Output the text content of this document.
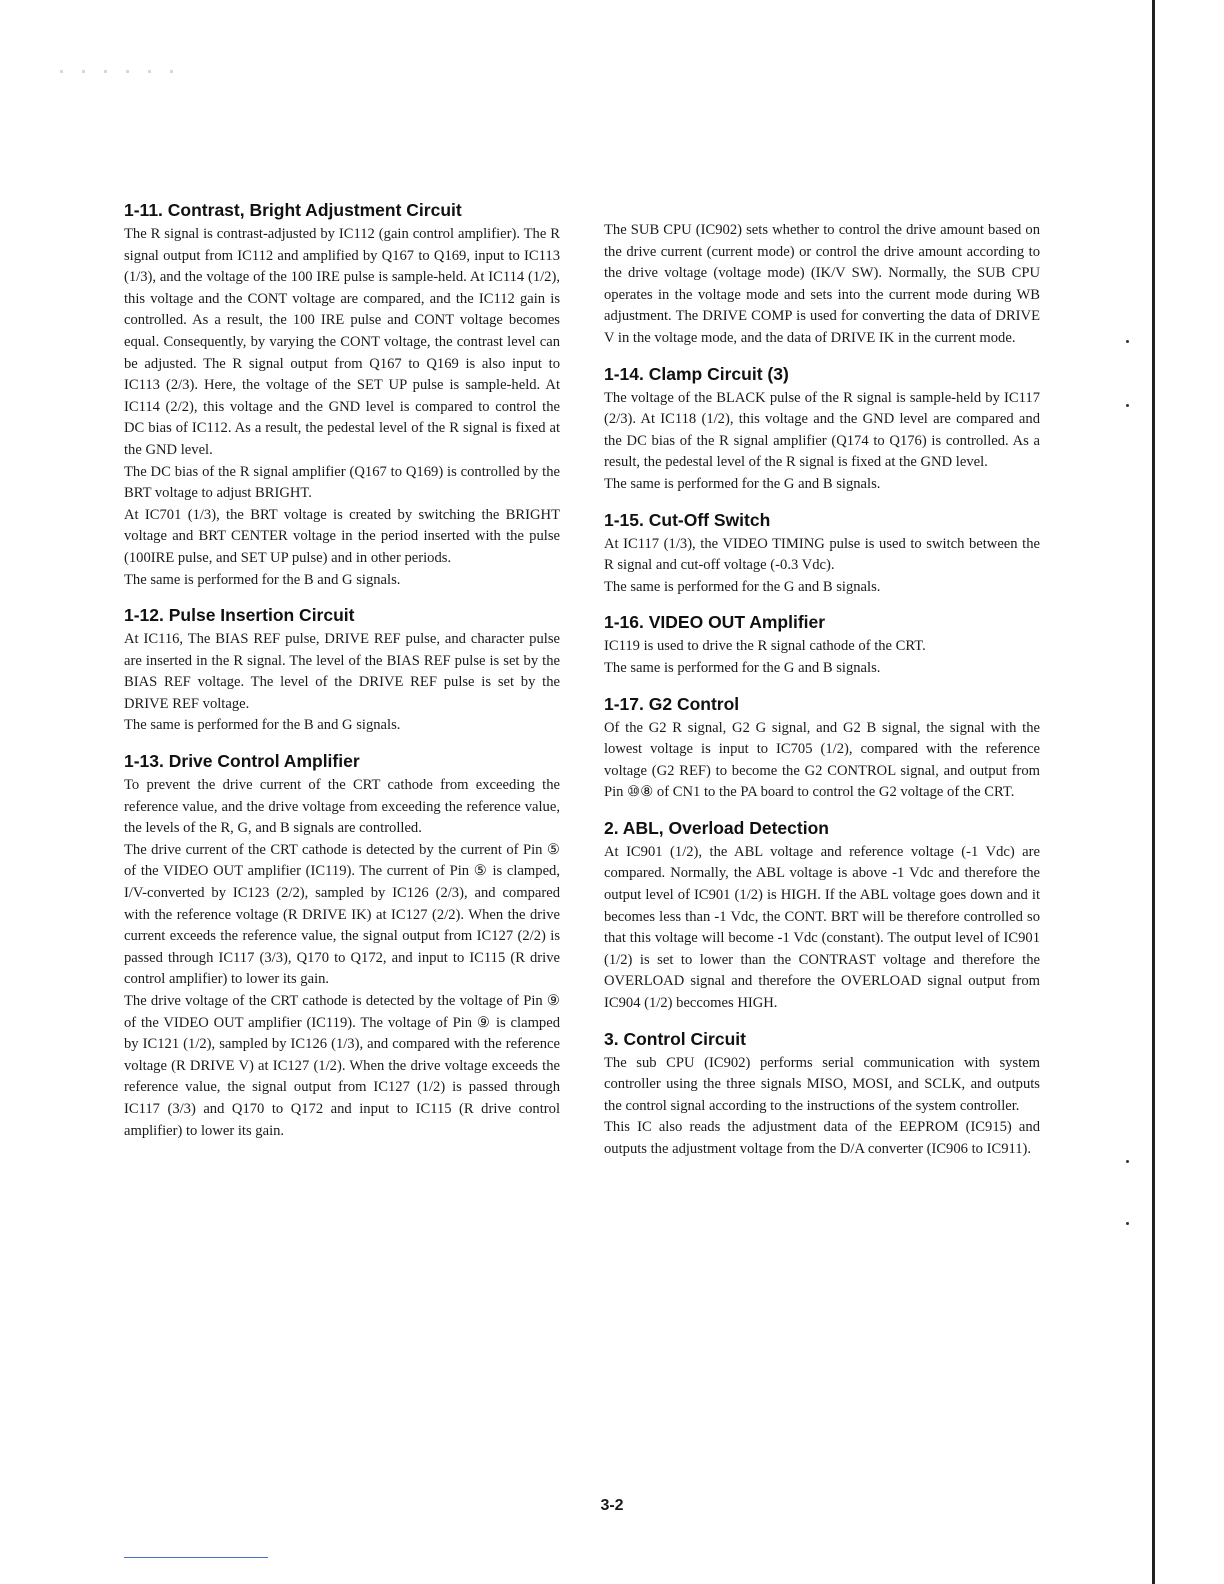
1-11. Contrast, Bright Adjustment Circuit

The R signal is contrast-adjusted by IC112 (gain control amplifier). The R signal output from IC112 and amplified by Q167 to Q169, input to IC113 (1/3), and the voltage of the 100 IRE pulse is sample-held. At IC114 (1/2), this voltage and the CONT voltage are compared, and the IC112 gain is controlled. As a result, the 100 IRE pulse and CONT voltage becomes equal. Consequently, by varying the CONT voltage, the contrast level can be adjusted. The R signal output from Q167 to Q169 is also input to IC113 (2/3). Here, the voltage of the SET UP pulse is sample-held. At IC114 (2/2), this voltage and the GND level is compared to control the DC bias of IC112. As a result, the pedestal level of the R signal is fixed at the GND level.

The DC bias of the R signal amplifier (Q167 to Q169) is controlled by the BRT voltage to adjust BRIGHT.

At IC701 (1/3), the BRT voltage is created by switching the BRIGHT voltage and BRT CENTER voltage in the period inserted with the pulse (100IRE pulse, and SET UP pulse) and in other periods.

The same is performed for the B and G signals.

1-12. Pulse Insertion Circuit

At IC116, The BIAS REF pulse, DRIVE REF pulse, and character pulse are inserted in the R signal. The level of the BIAS REF pulse is set by the BIAS REF voltage. The level of the DRIVE REF pulse is set by the DRIVE REF voltage.

The same is performed for the B and G signals.

1-13. Drive Control Amplifier

To prevent the drive current of the CRT cathode from exceeding the reference value, and the drive voltage from exceeding the reference value, the levels of the R, G, and B signals are controlled.

The drive current of the CRT cathode is detected by the current of Pin ⑤ of the VIDEO OUT amplifier (IC119). The current of Pin ⑤ is clamped, I/V-converted by IC123 (2/2), sampled by IC126 (2/3), and compared with the reference voltage (R DRIVE IK) at IC127 (2/2). When the drive current exceeds the reference value, the signal output from IC127 (2/2) is passed through IC117 (3/3), Q170 to Q172, and input to IC115 (R drive control amplifier) to lower its gain.

The drive voltage of the CRT cathode is detected by the voltage of Pin ⑨ of the VIDEO OUT amplifier (IC119). The voltage of Pin ⑨ is clamped by IC121 (1/2), sampled by IC126 (1/3), and compared with the reference voltage (R DRIVE V) at IC127 (1/2). When the drive voltage exceeds the reference value, the signal output from IC127 (1/2) is passed through IC117 (3/3) and Q170 to Q172 and input to IC115 (R drive control amplifier) to lower its gain.

The SUB CPU (IC902) sets whether to control the drive amount based on the drive current (current mode) or control the drive amount according to the drive voltage (voltage mode) (IK/V SW). Normally, the SUB CPU operates in the voltage mode and sets into the current mode during WB adjustment. The DRIVE COMP is used for converting the data of DRIVE V in the voltage mode, and the data of DRIVE IK in the current mode.

1-14. Clamp Circuit (3)

The voltage of the BLACK pulse of the R signal is sample-held by IC117 (2/3). At IC118 (1/2), this voltage and the GND level are compared and the DC bias of the R signal amplifier (Q174 to Q176) is controlled. As a result, the pedestal level of the R signal is fixed at the GND level.

The same is performed for the G and B signals.

1-15. Cut-Off Switch

At IC117 (1/3), the VIDEO TIMING pulse is used to switch between the R signal and cut-off voltage (-0.3 Vdc).

The same is performed for the G and B signals.

1-16. VIDEO OUT Amplifier

IC119 is used to drive the R signal cathode of the CRT.

The same is performed for the G and B signals.

1-17. G2 Control

Of the G2 R signal, G2 G signal, and G2 B signal, the signal with the lowest voltage is input to IC705 (1/2), compared with the reference voltage (G2 REF) to become the G2 CONTROL signal, and output from Pin ⑩⑧ of CN1 to the PA board to control the G2 voltage of the CRT.

2. ABL, Overload Detection

At IC901 (1/2), the ABL voltage and reference voltage (-1 Vdc) are compared. Normally, the ABL voltage is above -1 Vdc and therefore the output level of IC901 (1/2) is HIGH. If the ABL voltage goes down and it becomes less than -1 Vdc, the CONT. BRT will be therefore controlled so that this voltage will become -1 Vdc (constant). The output level of IC901 (1/2) is set to lower than the CONTRAST voltage and therefore the OVERLOAD signal and therefore the OVERLOAD signal output from IC904 (1/2) beccomes HIGH.

3. Control Circuit

The sub CPU (IC902) performs serial communication with system controller using the three signals MISO, MOSI, and SCLK, and outputs the control signal according to the instructions of the system controller.

This IC also reads the adjustment data of the EEPROM (IC915) and outputs the adjustment voltage from the D/A converter (IC906 to IC911).

3-2
